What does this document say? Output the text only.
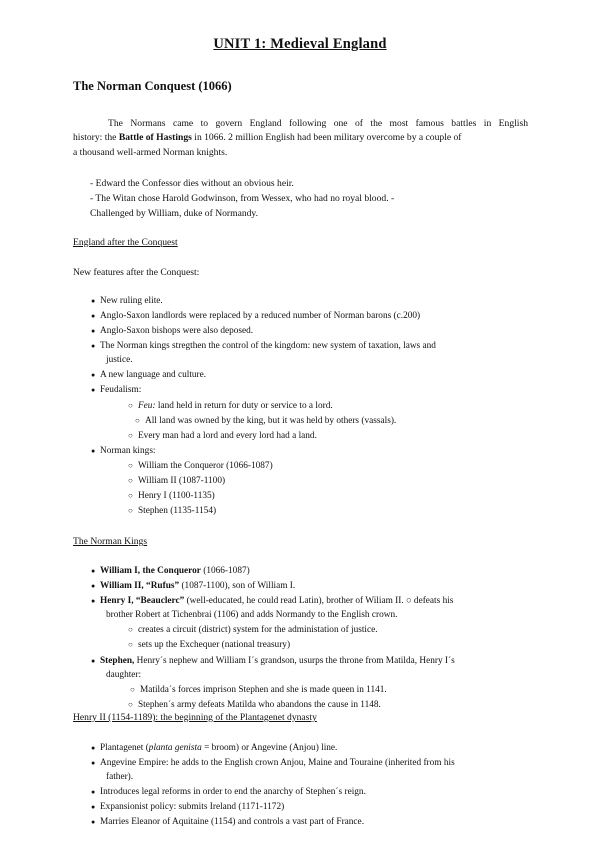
UNIT 1: Medieval England
The Norman Conquest (1066)
The Normans came to govern England following one of the most famous battles in English
history: the Battle of Hastings in 1066. 2 million English had been military overcome by a couple of
a thousand well-armed Norman knights.
- Edward the Confessor dies without an obvious heir.
- The Witan chose Harold Godwinson, from Wessex, who had no royal blood. -
Challenged by William, duke of Normandy.
England after the Conquest
New features after the Conquest:
● New ruling elite.
● Anglo-Saxon landlords were replaced by a reduced number of Norman barons (c.200)
● Anglo-Saxon bishops were also deposed.
● The Norman kings stregthen the control of the kingdom: new system of taxation, laws and
justice.
● A new language and culture.
● Feudalism:
○ Feu: land held in return for duty or service to a lord.
○ All land was owned by the king, but it was held by others (vassals).
○ Every man had a lord and every lord had a land.
● Norman kings:
○ William the Conqueror (1066-1087)
○ William II (1087-1100)
○ Henry I (1100-1135)
○ Stephen (1135-1154)
The Norman Kings
● William I, the Conqueror (1066-1087)
● William II, “Rufus” (1087-1100), son of William I.
● Henry I, “Beauclerc” (well-educated, he could read Latin), brother of Wiliam II. ○ defeats his
brother Robert at Tichenbrai (1106) and adds Normandy to the English crown.
○ creates a circuit (district) system for the administation of justice.
○ sets up the Exchequer (national treasury)
● Stephen, Henry´s nephew and William I´s grandson, usurps the throne from Matilda, Henry I´s
daughter:
○ Matilda´s forces imprison Stephen and she is made queen in 1141.
○ Stephen´s army defeats Matilda who abandons the cause in 1148.
Henry II (1154-1189): the beginning of the Plantagenet dynasty
● Plantagenet (planta genista = broom) or Angevine (Anjou) line.
● Angevine Empire: he adds to the English crown Anjou, Maine and Touraine (inherited from his
father).
● Introduces legal reforms in order to end the anarchy of Stephen´s reign.
● Expansionist policy: submits Ireland (1171-1172)
● Marries Eleanor of Aquitaine (1154) and controls a vast part of France.
